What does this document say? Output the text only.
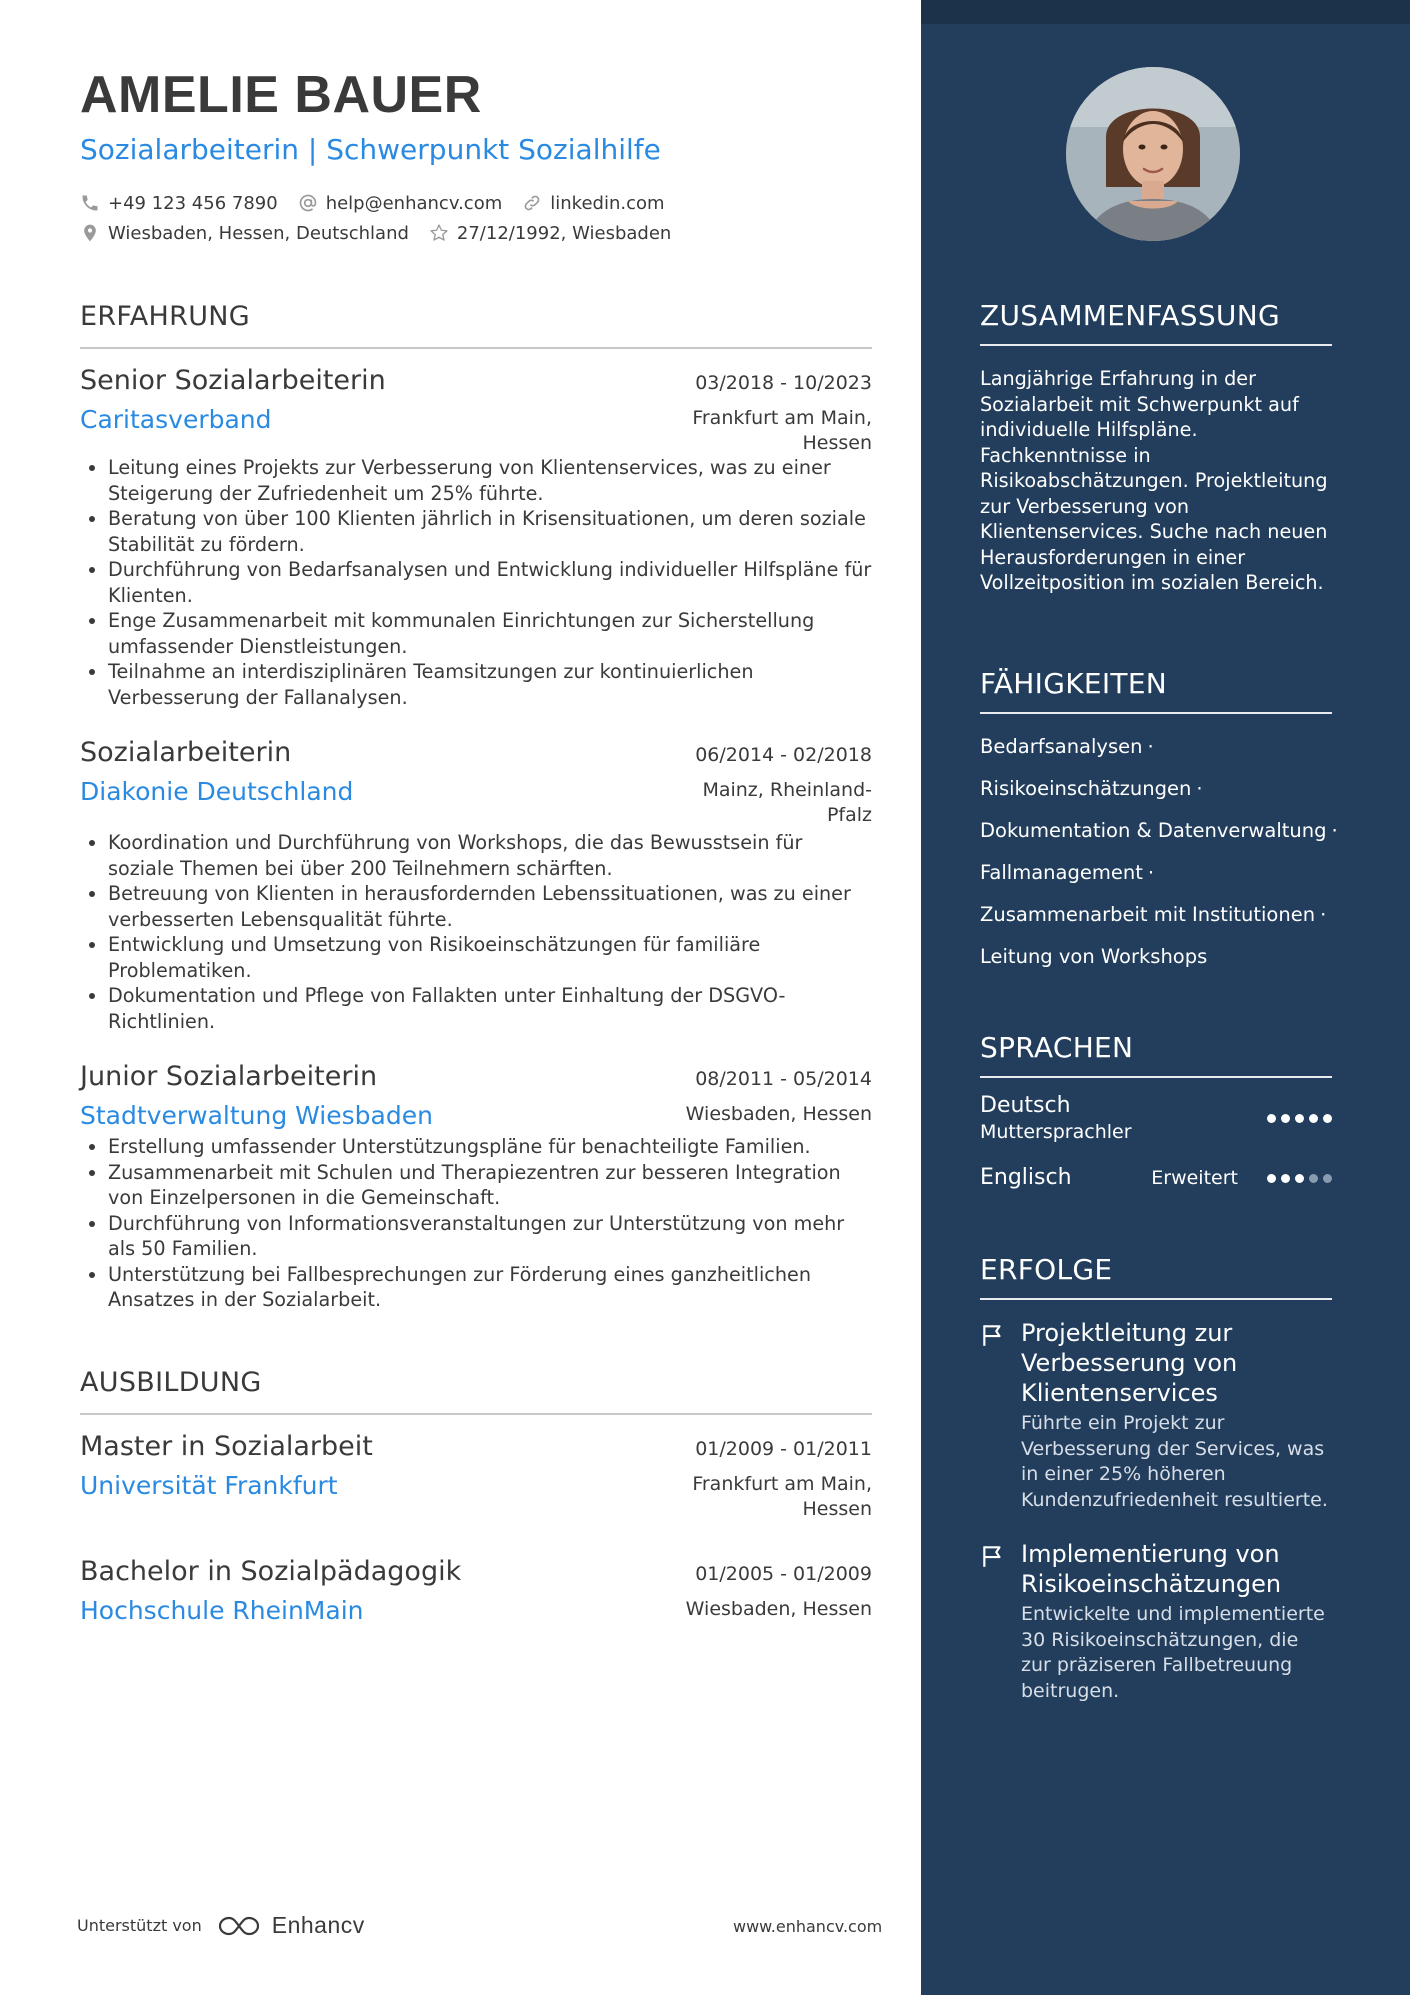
AMELIE BAUER
Sozialarbeiterin | Schwerpunkt Sozialhilfe
+49 123 456 7890	help@enhancv.com	linkedin.com
Wiesbaden, Hessen, Deutschland	27/12/1992, Wiesbaden
ERFAHRUNG
Senior Sozialarbeiterin	03/2018 - 10/2023
Caritasverband	Frankfurt am Main,
Hessen
• Leitung eines Projekts zur Verbesserung von Klientenservices, was zu einer Steigerung der Zufriedenheit um 25% führte.
• Beratung von über 100 Klienten jährlich in Krisensituationen, um deren soziale Stabilität zu fördern.
• Durchführung von Bedarfsanalysen und Entwicklung individueller Hilfspläne für Klienten.
• Enge Zusammenarbeit mit kommunalen Einrichtungen zur Sicherstellung umfassender Dienstleistungen.
• Teilnahme an interdisziplinären Teamsitzungen zur kontinuierlichen Verbesserung der Fallanalysen.
Sozialarbeiterin	06/2014 - 02/2018
Diakonie Deutschland	Mainz, Rheinland-
Pfalz
• Koordination und Durchführung von Workshops, die das Bewusstsein für soziale Themen bei über 200 Teilnehmern schärften.
• Betreuung von Klienten in herausfordernden Lebenssituationen, was zu einer verbesserten Lebensqualität führte.
• Entwicklung und Umsetzung von Risikoeinschätzungen für familiäre Problematiken.
• Dokumentation und Pflege von Fallakten unter Einhaltung der DSGVO-Richtlinien.
Junior Sozialarbeiterin	08/2011 - 05/2014
Stadtverwaltung Wiesbaden	Wiesbaden, Hessen
• Erstellung umfassender Unterstützungspläne für benachteiligte Familien.
• Zusammenarbeit mit Schulen und Therapiezentren zur besseren Integration von Einzelpersonen in die Gemeinschaft.
• Durchführung von Informationsveranstaltungen zur Unterstützung von mehr als 50 Familien.
• Unterstützung bei Fallbesprechungen zur Förderung eines ganzheitlichen Ansatzes in der Sozialarbeit.
AUSBILDUNG
Master in Sozialarbeit	01/2009 - 01/2011
Universität Frankfurt	Frankfurt am Main,
Hessen
Bachelor in Sozialpädagogik	01/2005 - 01/2009
Hochschule RheinMain	Wiesbaden, Hessen
Unterstützt von	Enhancv	www.enhancv.com
ZUSAMMENFASSUNG
Langjährige Erfahrung in der Sozialarbeit mit Schwerpunkt auf individuelle Hilfspläne. Fachkenntnisse in Risikoabschätzungen. Projektleitung zur Verbesserung von Klientenservices. Suche nach neuen Herausforderungen in einer Vollzeitposition im sozialen Bereich.
FÄHIGKEITEN
Bedarfsanalysen ·
Risikoeinschätzungen ·
Dokumentation & Datenverwaltung ·
Fallmanagement ·
Zusammenarbeit mit Institutionen ·
Leitung von Workshops
SPRACHEN
Deutsch
Muttersprachler
Englisch	Erweitert
ERFOLGE
Projektleitung zur Verbesserung von Klientenservices
Führte ein Projekt zur Verbesserung der Services, was in einer 25% höheren Kundenzufriedenheit resultierte.
Implementierung von Risikoeinschätzungen
Entwickelte und implementierte 30 Risikoeinschätzungen, die zur präziseren Fallbetreuung beitrugen.
